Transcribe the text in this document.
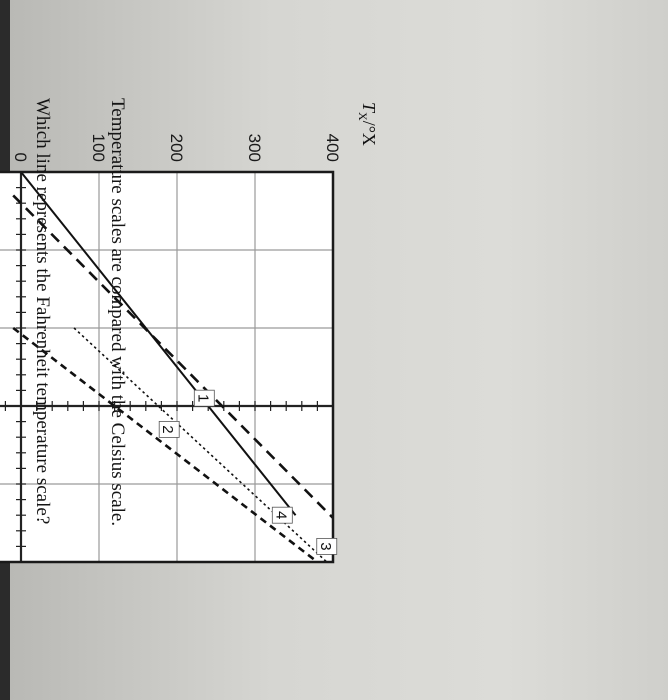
1
2
3
4
0	100	200	300	400
$T_X/^\circ X$
Temperature scales are compared with the Celsius scale.
Which line represents the Fahrenheit temperature scale?
